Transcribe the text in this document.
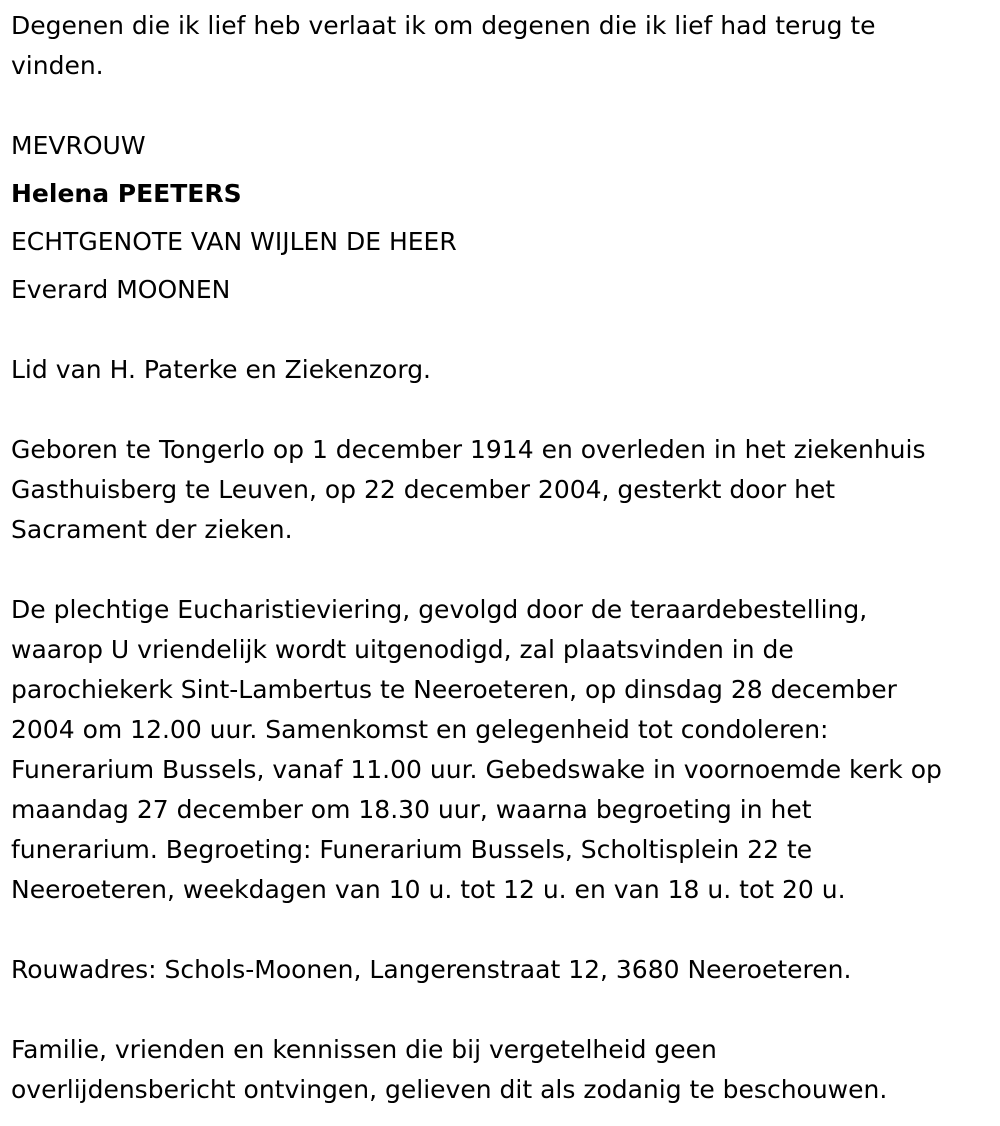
Degenen die ik lief heb verlaat ik om degenen die ik lief had terug te
vinden.

MEVROUW

Helena PEETERS

ECHTGENOTE VAN WIJLEN DE HEER

Everard MOONEN

Lid van H. Paterke en Ziekenzorg.

Geboren te Tongerlo op 1 december 1914 en overleden in het ziekenhuis
Gasthuisberg te Leuven, op 22 december 2004, gesterkt door het
Sacrament der zieken.

De plechtige Eucharistieviering, gevolgd door de teraardebestelling,
waarop U vriendelijk wordt uitgenodigd, zal plaatsvinden in de
parochiekerk Sint-Lambertus te Neeroeteren, op dinsdag 28 december
2004 om 12.00 uur. Samenkomst en gelegenheid tot condoleren:
Funerarium Bussels, vanaf 11.00 uur. Gebedswake in voornoemde kerk op
maandag 27 december om 18.30 uur, waarna begroeting in het
funerarium. Begroeting: Funerarium Bussels, Scholtisplein 22 te
Neeroeteren, weekdagen van 10 u. tot 12 u. en van 18 u. tot 20 u.

Rouwadres: Schols-Moonen, Langerenstraat 12, 3680 Neeroeteren.

Familie, vrienden en kennissen die bij vergetelheid geen
overlijdensbericht ontvingen, gelieven dit als zodanig te beschouwen.
